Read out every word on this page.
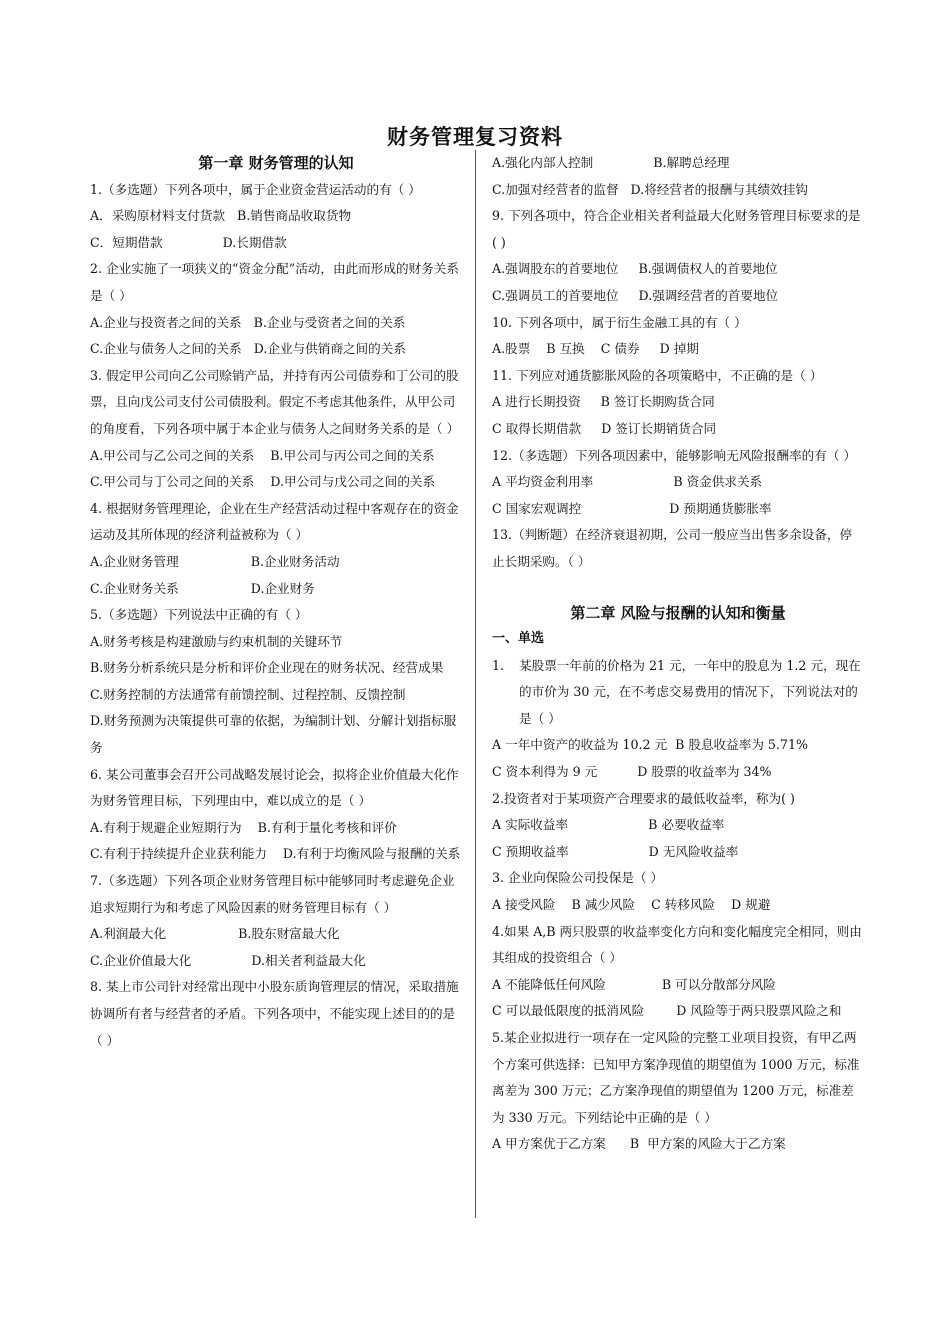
财务管理复习资料
第一章 财务管理的认知
1.（多选题）下列各项中，属于企业资金营运活动的有（ ）
A．采购原材料支付货款   B.销售商品收取货物
C．短期借款               D.长期借款
2. 企业实施了一项狭义的“资金分配”活动，由此而形成的财务关系是（ ）
A.企业与投资者之间的关系   B.企业与受资者之间的关系
C.企业与债务人之间的关系   D.企业与供销商之间的关系
3. 假定甲公司向乙公司赊销产品，并持有丙公司债券和丁公司的股票，且向戊公司支付公司债股利。假定不考虑其他条件，从甲公司的角度看，下列各项中属于本企业与债务人之间财务关系的是（ ）
A.甲公司与乙公司之间的关系    B.甲公司与丙公司之间的关系    C.甲公司与丁公司之间的关系    D.甲公司与戊公司之间的关系
4. 根据财务管理理论，企业在生产经营活动过程中客观存在的资金运动及其所体现的经济利益被称为（ ）
A.企业财务管理                  B.企业财务活动
C.企业财务关系                  D.企业财务
5.（多选题）下列说法中正确的有（ ）
A.财务考核是构建激励与约束机制的关键环节
B.财务分析系统只是分析和评价企业现在的财务状况、经营成果
C.财务控制的方法通常有前馈控制、过程控制、反馈控制
D.财务预测为决策提供可靠的依据，为编制计划、分解计划指标服务
6. 某公司董事会召开公司战略发展讨论会，拟将企业价值最大化作为财务管理目标，下列理由中，难以成立的是（ ）
A.有利于规避企业短期行为    B.有利于量化考核和评价
C.有利于持续提升企业获利能力    D.有利于均衡风险与报酬的关系
7.（多选题）下列各项企业财务管理目标中能够同时考虑避免企业追求短期行为和考虑了风险因素的财务管理目标有（ ）
A.利润最大化                  B.股东财富最大化
C.企业价值最大化               D.相关者利益最大化
8. 某上市公司针对经常出现中小股东质询管理层的情况，采取措施协调所有者与经营者的矛盾。下列各项中，不能实现上述目的的是（ ）
A.强化内部人控制               B.解聘总经理
C.加强对经营者的监督   D.将经营者的报酬与其绩效挂钩
9. 下列各项中，符合企业相关者利益最大化财务管理目标要求的是( )
A.强调股东的首要地位     B.强调债权人的首要地位
C.强调员工的首要地位     D.强调经营者的首要地位
10. 下列各项中，属于衍生金融工具的有（ ）
A.股票    B 互换    C 债券     D 掉期
11. 下列应对通货膨胀风险的各项策略中，不正确的是（ ）
A 进行长期投资     B 签订长期购货合同
C 取得长期借款     D 签订长期销货合同
12.（多选题）下列各项因素中，能够影响无风险报酬率的有（ ）
A 平均资金利用率                    B 资金供求关系
C 国家宏观调控                      D 预期通货膨胀率
13.（判断题）在经济衰退初期，公司一般应当出售多余设备，停止长期采购。（ ）
第二章 风险与报酬的认知和衡量
一、单选
1.	某股票一年前的价格为 21 元，一年中的股息为 1.2 元，现在的市价为 30 元，在不考虑交易费用的情况下，下列说法对的是（ ）
A 一年中资产的收益为 10.2 元  B 股息收益率为 5.71%
C 资本利得为 9 元          D 股票的收益率为 34%
2.投资者对于某项资产合理要求的最低收益率，称为( )
A 实际收益率                    B 必要收益率
C 预期收益率                    D 无风险收益率
3. 企业向保险公司投保是（ ）
A 接受风险    B 减少风险    C 转移风险    D 规避
4.如果 A,B 两只股票的收益率变化方向和变化幅度完全相同，则由其组成的投资组合（ ）
A 不能降低任何风险              B 可以分散部分风险
C 可以最低限度的抵消风险        D 风险等于两只股票风险之和
5.某企业拟进行一项存在一定风险的完整工业项目投资，有甲乙两个方案可供选择：已知甲方案净现值的期望值为 1000 万元，标准离差为 300 万元；乙方案净现值的期望值为 1200 万元，标准差为 330 万元。下列结论中正确的是（ ）
A 甲方案优于乙方案      B  甲方案的风险大于乙方案
